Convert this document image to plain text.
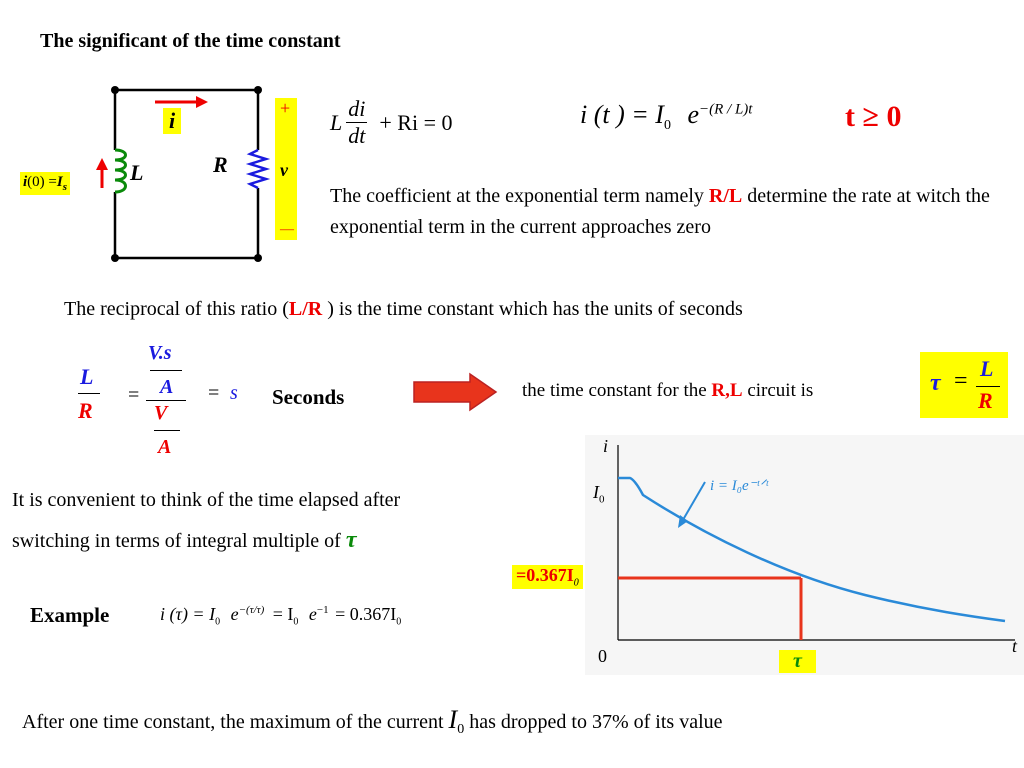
The significant of the time constant
i
$i(0) =I_s$
L	R
+
v
—
L $\frac{di}{dt} + Ri = 0$	i (t ) = $I_0$ $e^{-(R / L)t}$	t ≥ 0
The coefficient at the exponential term namely R/L determine the rate at witch the exponential term in the current approaches zero
The reciprocal of this ratio (L/R ) is the time constant which has the units of seconds
L
R
=
V.s
A
V
A
= s Seconds	the time constant for the R,L circuit is	τ = L
R
It is convenient to think of the time elapsed after
switching in terms of integral multiple of τ
Example	i $(\tau) = I_0$ $e^{-(\tau/\tau)} = I_0$ $e^{-1} = 0.367I_0$
i
t
$I_0$
0
i = I₀e⁻ᵗᐟᵗ
$=0.367I_0$
τ
After one time constant, the maximum of the current $I_0$ has dropped to 37% of its value
